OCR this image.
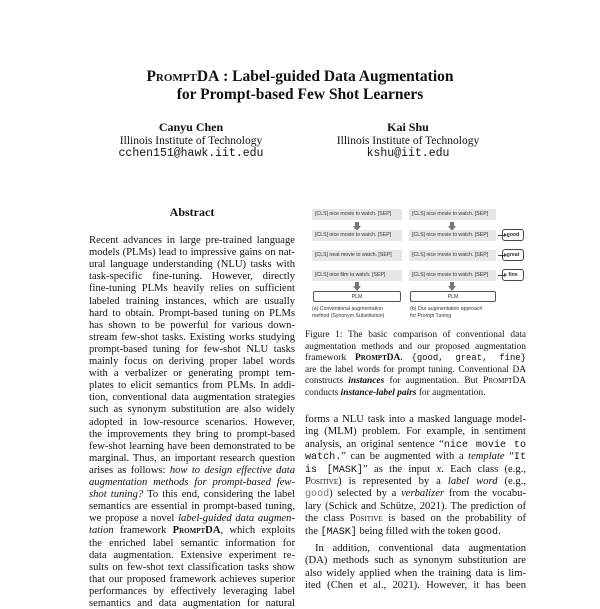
PromptDA : Label-guided Data Augmentation
for Prompt-based Few Shot Learners
Canyu Chen
Illinois Institute of Technology
cchen151@hawk.iit.edu
Kai Shu
Illinois Institute of Technology
kshu@iit.edu
Abstract
Recent advances in large pre-trained language
models (PLMs) lead to impressive gains on nat-
ural language understanding (NLU) tasks with
task-specific fine-tuning. However, directly
fine-tuning PLMs heavily relies on sufficient
labeled training instances, which are usually
hard to obtain. Prompt-based tuning on PLMs
has shown to be powerful for various down-
stream few-shot tasks. Existing works studying
prompt-based tuning for few-shot NLU tasks
mainly focus on deriving proper label words
with a verbalizer or generating prompt tem-
plates to elicit semantics from PLMs. In addi-
tion, conventional data augmentation strategies
such as synonym substitution are also widely
adopted in low-resource scenarios. However,
the improvements they bring to prompt-based
few-shot learning have been demonstrated to be
marginal. Thus, an important research question
arises as follows: how to design effective data
augmentation methods for prompt-based few-
shot tuning? To this end, considering the label
semantics are essential in prompt-based tuning,
we propose a novel label-guided data augmen-
tation framework PromptDA, which exploits
the enriched label semantic information for
data augmentation. Extensive experiment re-
sults on few-shot text classification tasks show
that our proposed framework achieves superior
performances by effectively leveraging label
semantics and data augmentation for natural
[CLS] nice movie to watch. [SEP]
[CLS] nice movie to watch. [SEP]
[CLS] neat movie to watch. [SEP]
[CLS] nice film to watch. [SEP]
PLM
(a) Conventional augmentation
method (Synonym Substitution)
[CLS] nice movie to watch. [SEP]
[CLS] nice movie to watch. [SEP]
[CLS] nice movie to watch. [SEP]
[CLS] nice movie to watch. [SEP]
good
great
fine
PLM
(b) Our augmentation approach
for Prompt Tuning
Figure 1: The basic comparison of conventional data
augmentation methods and our proposed augmentation
framework PromptDA. {good, great, fine}
are the label words for prompt tuning. Conventional DA
constructs instances for augmentation. But PromptDA
conducts instance-label pairs for augmentation.
forms a NLU task into a masked language model-
ing (MLM) problem. For example, in sentiment
analysis, an original sentence “nice movie to
watch.” can be augmented with a template “It
is [MASK]” as the input x. Each class (e.g.,
Positive) is represented by a label word (e.g.,
good) selected by a verbalizer from the vocabu-
lary (Schick and Schütze, 2021). The prediction of
the class Positive is based on the probability of
the [MASK] being filled with the token good.
In addition, conventional data augmentation
(DA) methods such as synonym substitution are
also widely applied when the training data is lim-
ited (Chen et al., 2021). However, it has been
